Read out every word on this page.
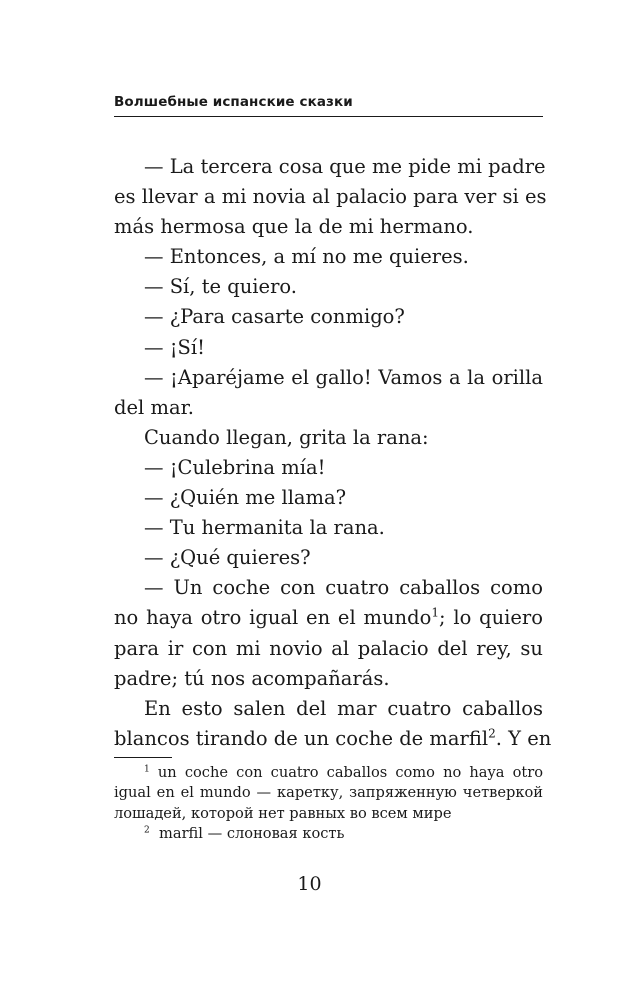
Волшебные испанские сказки
— La tercera cosa que me pide mi padre
es llevar a mi novia al palacio para ver si es
más hermosa que la de mi hermano.
— Entonces, a mí no me quieres.
— Sí, te quiero.
— ¿Para casarte conmigo?
— ¡Sí!
— ¡Aparéjame el gallo! Vamos a la orilla
del mar.
Cuando llegan, grita la rana:
— ¡Culebrina mía!
— ¿Quién me llama?
— Tu hermanita la rana.
— ¿Qué quieres?
— Un coche con cuatro caballos como
no haya otro igual en el mundo$^1$; lo quiero
para ir con mi novio al palacio del rey, su
padre; tú nos acompañarás.
En esto salen del mar cuatro caballos
blancos tirando de un coche de marfil$^2$. Y en
$^1$ un coche con cuatro caballos como no haya otro
igual en el mundo — каретку, запряженную четверкой
лошадей, которой нет равных во всем мире
$^2$ marfil — слоновая кость
10
